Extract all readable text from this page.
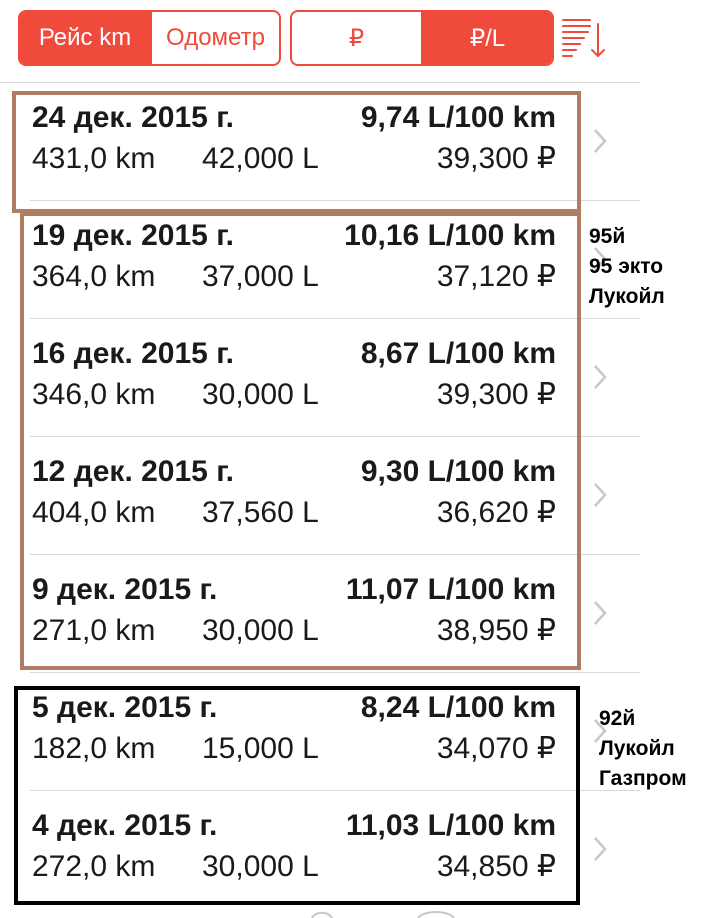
Рейс km	Одометр	₽	₽/L
24 дек. 2015 г.	9,74 L/100 km
431,0 km	42,000 L	39,300 ₽
19 дек. 2015 г.	10,16 L/100 km
364,0 km	37,000 L	37,120 ₽
16 дек. 2015 г.	8,67 L/100 km
346,0 km	30,000 L	39,300 ₽
12 дек. 2015 г.	9,30 L/100 km
404,0 km	37,560 L	36,620 ₽
9 дек. 2015 г.	11,07 L/100 km
271,0 km	30,000 L	38,950 ₽
5 дек. 2015 г.	8,24 L/100 km
182,0 km	15,000 L	34,070 ₽
4 дек. 2015 г.	11,03 L/100 km
272,0 km	30,000 L	34,850 ₽
95й
95 экто
Лукойл
92й
Лукойл
Газпром
